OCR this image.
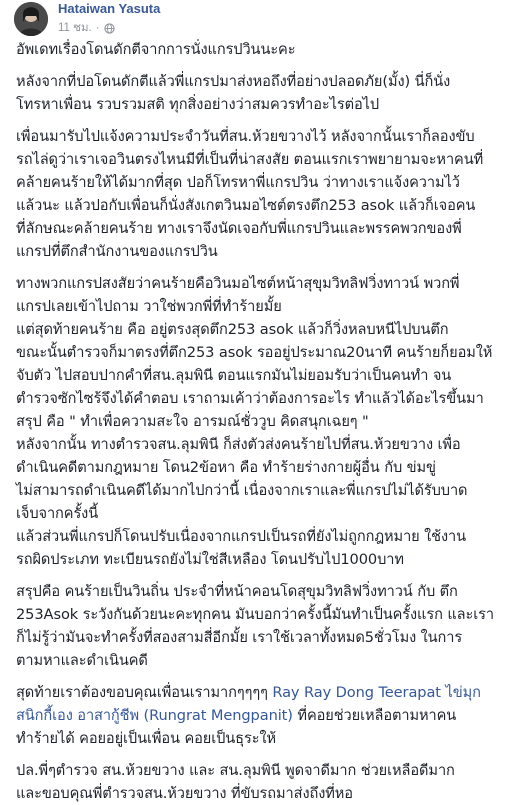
Hataiwan Yasuta
11 ชม. ·

อัพเดทเรื่องโดนดักตีจากการนั่งแกรปวินนะคะ

หลังจากที่ปอโดนดักตีแล้วพี่แกรปมาส่งหอถึงที่อย่างปลอดภัย(มั้ง) นี่ก็นั่ง
โทรหาเพื่อน รวบรวมสติ ทุกสิ่งอย่างว่าสมควรทำอะไรต่อไป

เพื่อนมารับไปแจ้งความประจำวันที่สน.ห้วยขวางไว้ หลังจากนั้นเราก็ลองขับ
รถไล่ดูว่าเราเจอวินตรงไหนมีที่เป็นที่น่าสงสัย ตอนแรกเราพยายามจะหาคนที่
คล้ายคนร้ายให้ได้มากที่สุด ปอก็โทรหาพี่แกรปวิน ว่าทางเราแจ้งความไว้
แล้วนะ แล้วปอกับเพื่อนก็นั่งสังเกตวินมอไซต์ตรงตึก253 asok แล้วก็เจอคน
ที่ลักษณะคล้ายคนร้าย ทางเราจึงนัดเจอกับพี่แกรปวินและพรรคพวกของพี่
แกรปที่ตึกสำนักงานของแกรปวิน

ทางพวกแกรปสงสัยว่าคนร้ายคือวินมอไซต์หน้าสุขุมวิทลิฟวิ่งทาวน์ พวกพี่
แกรปเลยเข้าไปถาม วาใช่พวกพี่ที่ทำร้ายมั้ย
แต่สุดท้ายคนร้าย คือ อยู่ตรงสุดตึก253 asok แล้วก็วิ่งหลบหนีไปบนตึก
ขณะนั้นตำรวจก็มาตรงที่ตึก253 asok รออยู่ประมาณ20นาที คนร้ายก็ยอมให้
จับตัว ไปสอบปากคำที่สน.ลุมพินี ตอนแรกมันไม่ยอมรับว่าเป็นคนทำ จน
ตำรวจซักไซร้จึงได้คำตอบ เราถามเค้าว่าต้องการอะไร ทำแล้วได้อะไรขึ้นมา
สรุป คือ " ทำเพื่อความสะใจ อารมณ์ชั่ววูบ คิดสนุกเฉยๆ "
หลังจากนั้น ทางตำรวจสน.ลุมพินี ก็ส่งตัวส่งคนร้ายไปที่สน.ห้วยขวาง เพื่อ
ดำเนินคดีตามกฎหมาย โดน2ข้อหา คือ ทำร้ายร่างกายผู้อื่น กับ ข่มขู่
ไม่สามารถดำเนินคดีได้มากไปกว่านี้ เนื่องจากเราและพี่แกรปไม่ได้รับบาด
เจ็บจากครั้งนี้
แล้วส่วนพี่แกรปก็โดนปรับเนื่องจากแกรปเป็นรถที่ยังไม่ถูกกฎหมาย ใช้งาน
รถผิดประเภท ทะเบียนรถยังไม่ใช่สีเหลือง โดนปรับไป1000บาท

สรุปคือ คนร้ายเป็นวินถิ่น ประจำที่หน้าคอนโดสุขุมวิทลิฟวิ่งทาวน์ กับ ตึก
253Asok ระวังกันด้วยนะคะทุกคน มันบอกว่าครั้งนี้มันทำเป็นครั้งแรก และเรา
ก็ไม่รู้ว่ามันจะทำครั้งที่สองสามสี่อีกมั้ย เราใช้เวลาทั้งหมด5ชั่วโมง ในการ
ตามหาและดำเนินคดี

สุดท้ายเราต้องขอบคุณเพื่อนเรามากๆๆๆๆ Ray Ray Dong Teerapat ไข่มุก
สนิกกี้เอง อาสากู้ชีพ (Rungrat Mengpanit) ที่คอยช่วยเหลือตามหาคน
ทำร้ายได้ คอยอยู่เป็นเพื่อน คอยเป็นธุระให้

ปล.พี่ๆตำรวจ สน.ห้วยขวาง และ สน.ลุมพินี พูดจาดีมาก ช่วยเหลือดีมาก
และขอบคุณพี่ตำรวจสน.ห้วยขวาง ที่ขับรถมาส่งถึงที่หอ
